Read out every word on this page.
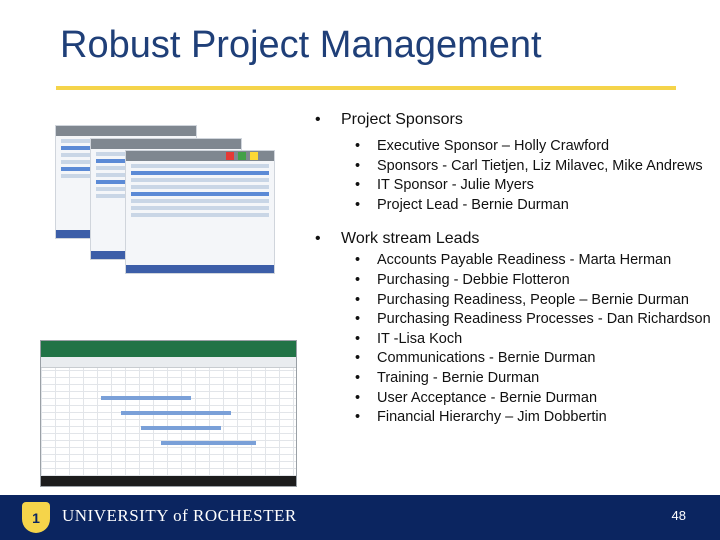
Robust Project Management
• Project Sponsors
• Executive Sponsor – Holly Crawford
• Sponsors - Carl Tietjen, Liz Milavec, Mike Andrews
• IT Sponsor - Julie Myers
• Project Lead - Bernie Durman
• Work stream Leads
• Accounts Payable Readiness - Marta Herman
• Purchasing - Debbie Flotteron
• Purchasing Readiness, People – Bernie Durman
• Purchasing Readiness Processes - Dan Richardson
• IT -Lisa Koch
• Communications - Bernie Durman
• Training - Bernie Durman
• User Acceptance - Bernie Durman
• Financial Hierarchy – Jim Dobbertin
1	UNIVERSITY of ROCHESTER	48
